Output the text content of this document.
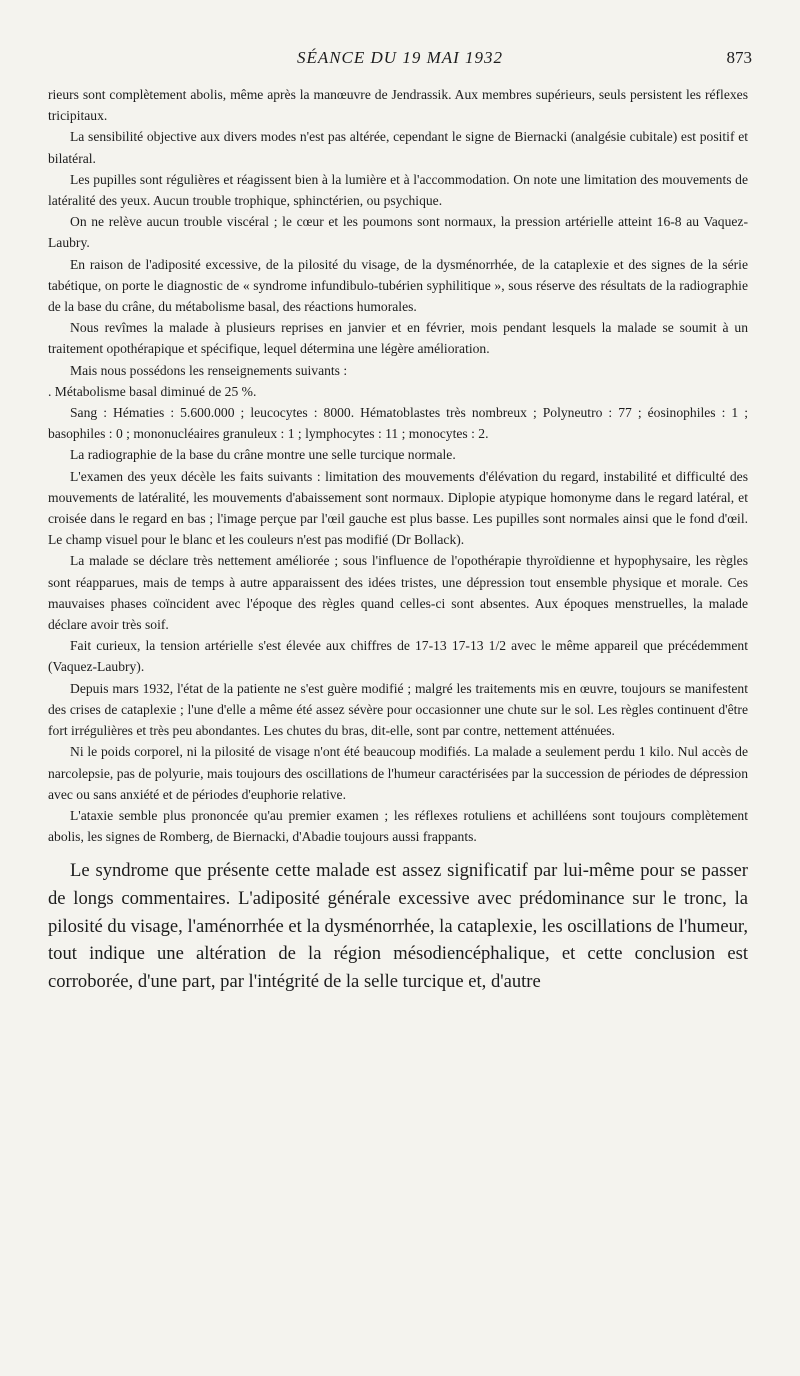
SÉANCE DU 19 MAI 1932	873

rieurs sont complètement abolis, même après la manœuvre de Jendrassik. Aux membres supérieurs, seuls persistent les réflexes tricipitaux.

La sensibilité objective aux divers modes n'est pas altérée, cependant le signe de Biernacki (analgésie cubitale) est positif et bilatéral.

Les pupilles sont régulières et réagissent bien à la lumière et à l'accommodation. On note une limitation des mouvements de latéralité des yeux. Aucun trouble trophique, sphinctérien, ou psychique.

On ne relève aucun trouble viscéral ; le cœur et les poumons sont normaux, la pression artérielle atteint 16-8 au Vaquez-Laubry.

En raison de l'adiposité excessive, de la pilosité du visage, de la dysménorrhée, de la cataplexie et des signes de la série tabétique, on porte le diagnostic de « syndrome infundibulo-tubérien syphilitique », sous réserve des résultats de la radiographie de la base du crâne, du métabolisme basal, des réactions humorales.

Nous revîmes la malade à plusieurs reprises en janvier et en février, mois pendant lesquels la malade se soumit à un traitement opothérapique et spécifique, lequel détermina une légère amélioration.

Mais nous possédons les renseignements suivants :

. Métabolisme basal diminué de 25 %.

Sang : Hématies : 5.600.000 ; leucocytes : 8000. Hématoblastes très nombreux ; Polyneutro : 77 ; éosinophiles : 1 ; basophiles : 0 ; mononucléaires granuleux : 1 ; lymphocytes : 11 ; monocytes : 2.

La radiographie de la base du crâne montre une selle turcique normale.

L'examen des yeux décèle les faits suivants : limitation des mouvements d'élévation du regard, instabilité et difficulté des mouvements de latéralité, les mouvements d'abaissement sont normaux. Diplopie atypique homonyme dans le regard latéral, et croisée dans le regard en bas ; l'image perçue par l'œil gauche est plus basse. Les pupilles sont normales ainsi que le fond d'œil. Le champ visuel pour le blanc et les couleurs n'est pas modifié (Dr Bollack).

La malade se déclare très nettement améliorée ; sous l'influence de l'opothérapie thyroïdienne et hypophysaire, les règles sont réapparues, mais de temps à autre apparaissent des idées tristes, une dépression tout ensemble physique et morale. Ces mauvaises phases coïncident avec l'époque des règles quand celles-ci sont absentes. Aux époques menstruelles, la malade déclare avoir très soif.

Fait curieux, la tension artérielle s'est élevée aux chiffres de 17-13 17-13 1/2 avec le même appareil que précédemment (Vaquez-Laubry).

Depuis mars 1932, l'état de la patiente ne s'est guère modifié ; malgré les traitements mis en œuvre, toujours se manifestent des crises de cataplexie ; l'une d'elle a même été assez sévère pour occasionner une chute sur le sol. Les règles continuent d'être fort irrégulières et très peu abondantes. Les chutes du bras, dit-elle, sont par contre, nettement atténuées.

Ni le poids corporel, ni la pilosité de visage n'ont été beaucoup modifiés. La malade a seulement perdu 1 kilo. Nul accès de narcolepsie, pas de polyurie, mais toujours des oscillations de l'humeur caractérisées par la succession de périodes de dépression avec ou sans anxiété et de périodes d'euphorie relative.

L'ataxie semble plus prononcée qu'au premier examen ; les réflexes rotuliens et achilléens sont toujours complètement abolis, les signes de Romberg, de Biernacki, d'Abadie toujours aussi frappants.

Le syndrome que présente cette malade est assez significatif par lui-même pour se passer de longs commentaires. L'adiposité générale excessive avec prédominance sur le tronc, la pilosité du visage, l'aménorrhée et la dysménorrhée, la cataplexie, les oscillations de l'humeur, tout indique une altération de la région mésodiencéphalique, et cette conclusion est corroborée, d'une part, par l'intégrité de la selle turcique et, d'autre
